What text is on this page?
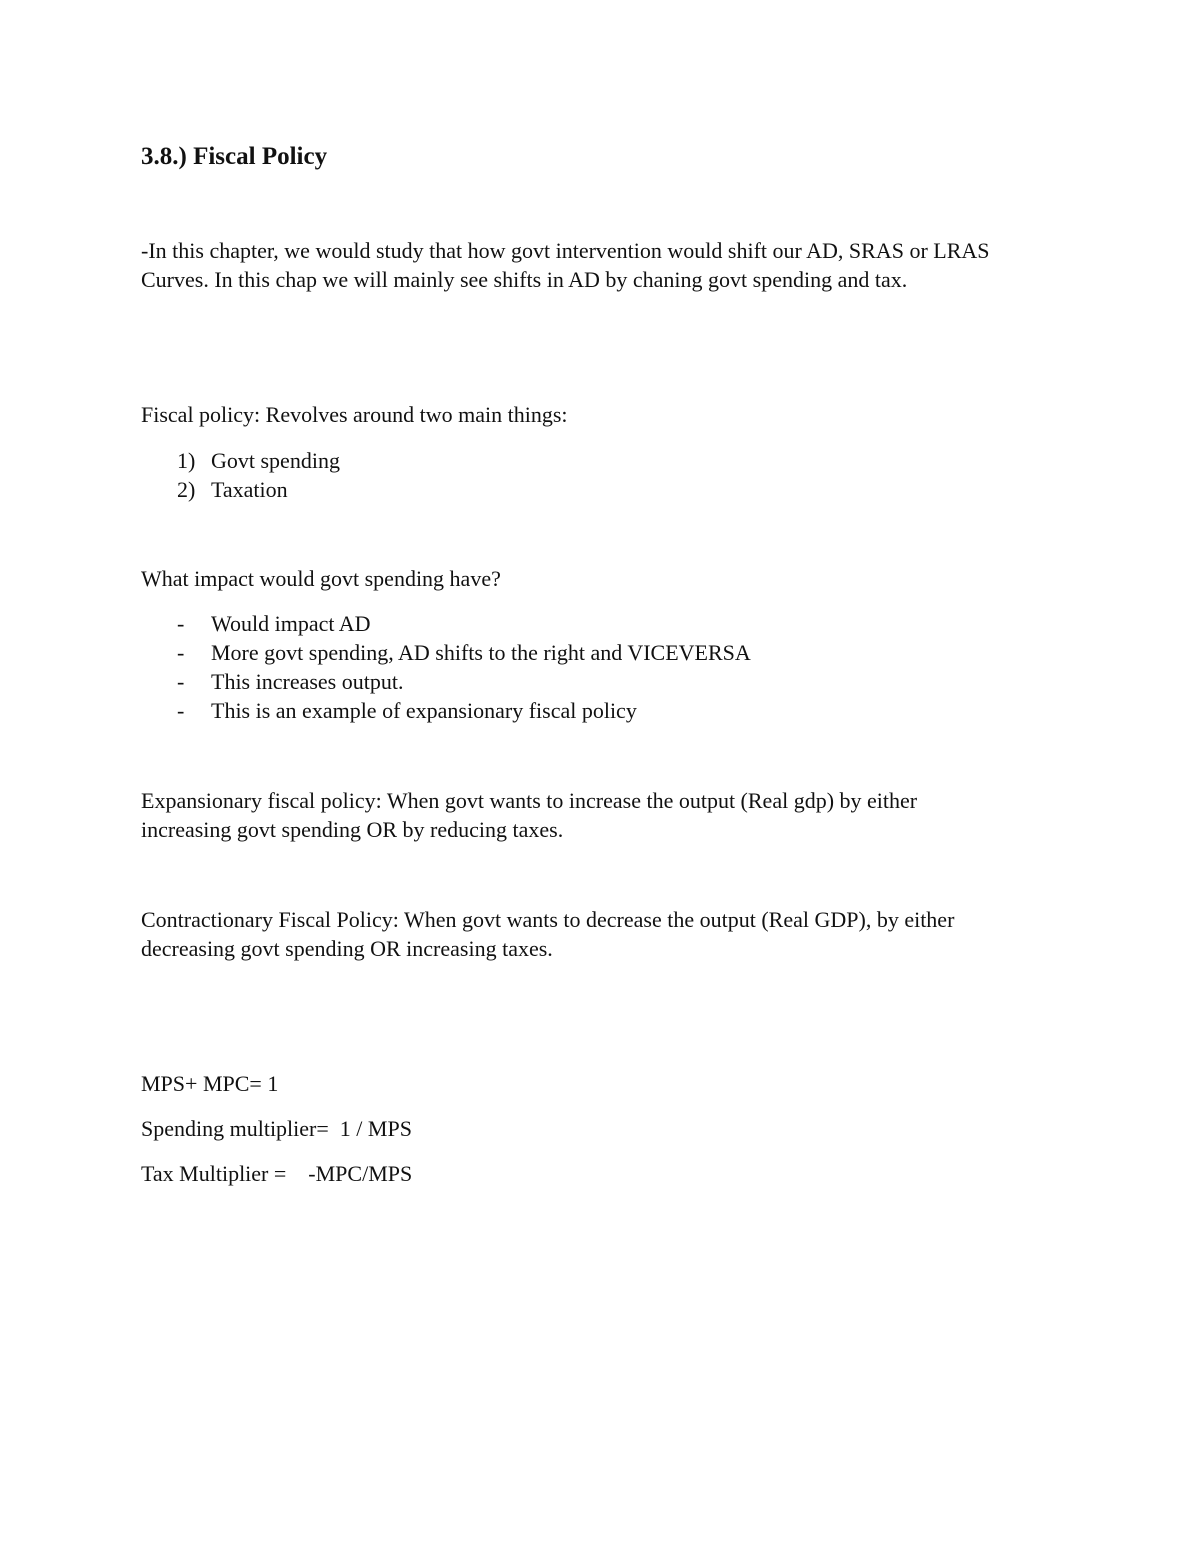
3.8.) Fiscal Policy
-In this chapter, we would study that how govt intervention would shift our AD, SRAS or LRAS
Curves. In this chap we will mainly see shifts in AD by chaning govt spending and tax.
Fiscal policy: Revolves around two main things:
1) Govt spending
2) Taxation
What impact would govt spending have?
- Would impact AD
- More govt spending, AD shifts to the right and VICEVERSA
- This increases output.
- This is an example of expansionary fiscal policy
Expansionary fiscal policy: When govt wants to increase the output (Real gdp) by either
increasing govt spending OR by reducing taxes.
Contractionary Fiscal Policy: When govt wants to decrease the output (Real GDP), by either
decreasing govt spending OR increasing taxes.
MPS+ MPC= 1
Spending multiplier=  1 / MPS
Tax Multiplier =    -MPC/MPS
